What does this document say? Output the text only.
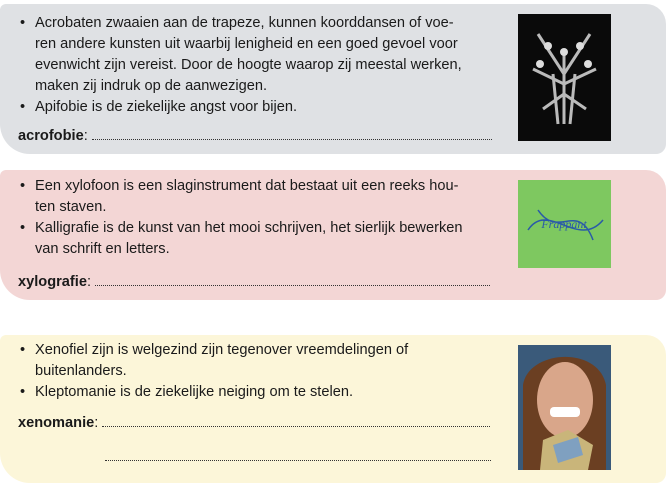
• Acrobaten zwaaien aan de trapeze, kunnen koorddansen of voe-
ren andere kunsten uit waarbij lenigheid en een goed gevoel voor
evenwicht zijn vereist. Door de hoogte waarop zij meestal werken,
maken zij indruk op de aanwezigen.
• Apifobie is de ziekelijke angst voor bijen.
acrofobie:
• Een xylofoon is een slaginstrument dat bestaat uit een reeks hou-
ten staven.
• Kalligrafie is de kunst van het mooi schrijven, het sierlijk bewerken
van schrift en letters.
xylografie:
Frappant
• Xenofiel zijn is welgezind zijn tegenover vreemdelingen of
buitenlanders.
• Kleptomanie is de ziekelijke neiging om te stelen.
xenomanie:
